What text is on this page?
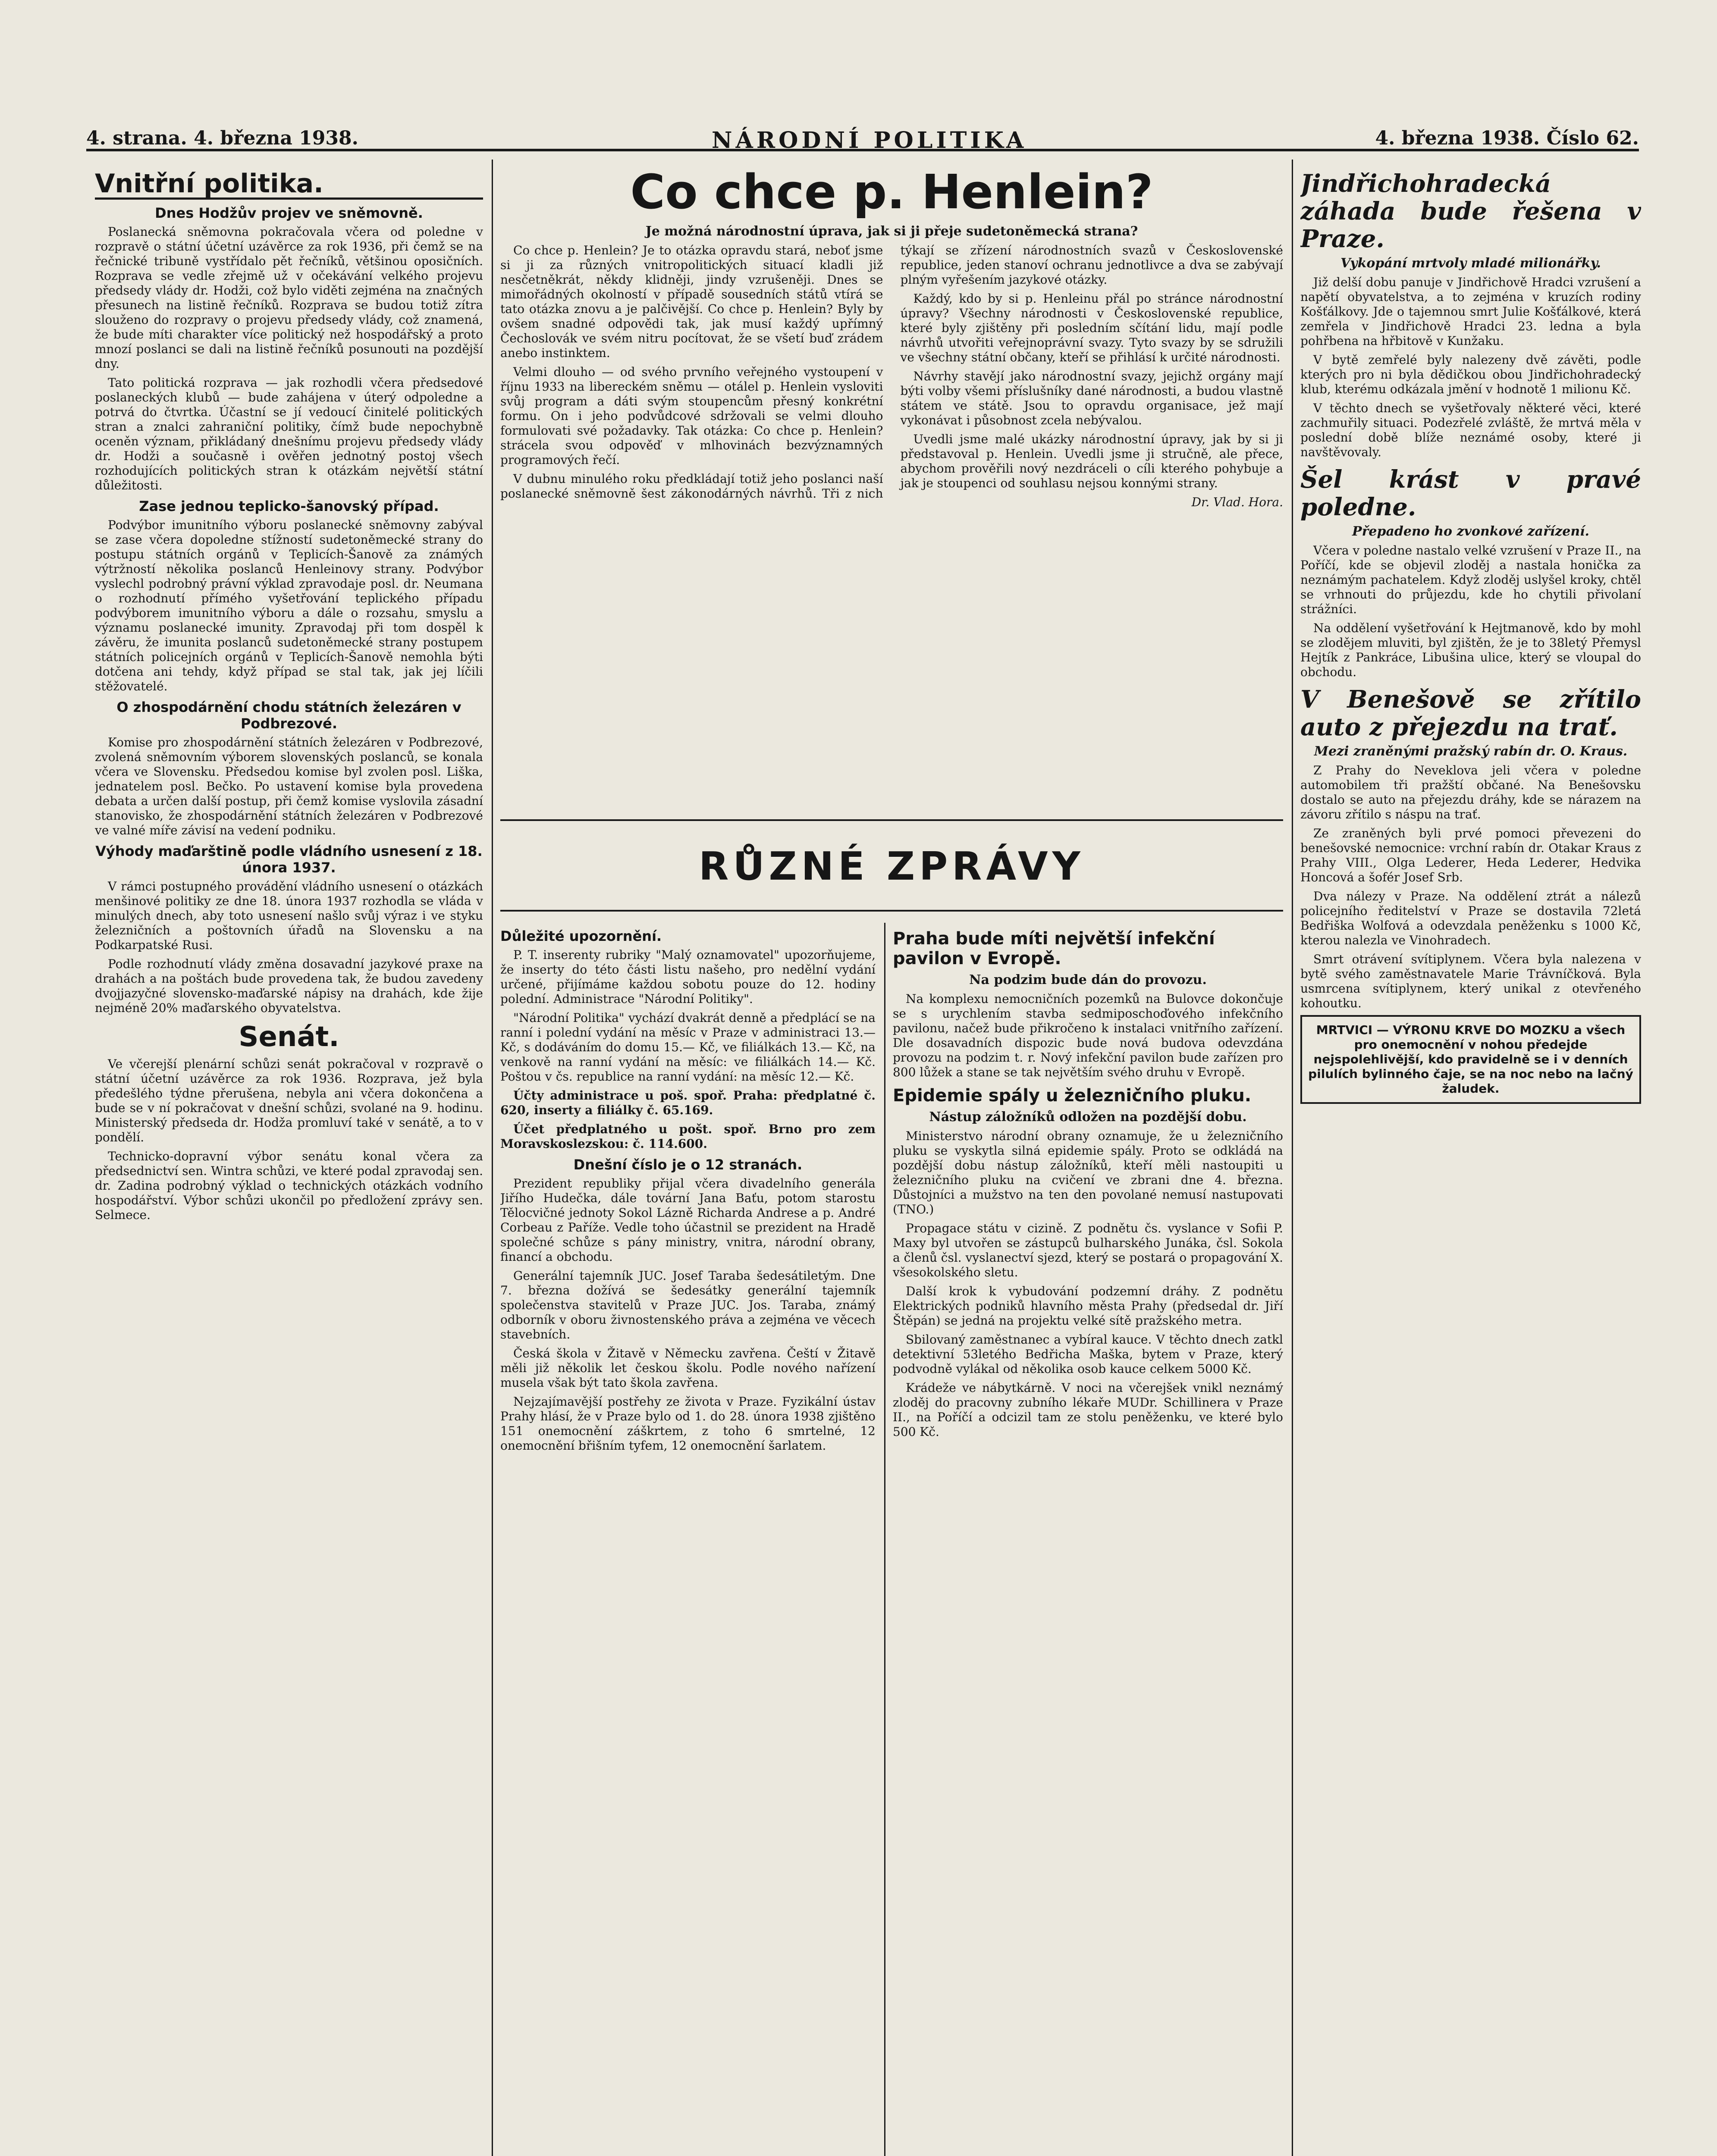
4. strana. 4. března 1938.	NÁRODNÍ POLITIKA	4. března 1938. Číslo 62.
Vnitřní politika.
Dnes Hodžův projev ve sněmovně.

Poslanecká sněmovna pokračovala včera od poledne v rozpravě o státní účetní uzávěrce za rok 1936, při čemž se na řečnické tribuně vystřídalo pět řečníků, většinou oposičních. Rozprava se vedle zřejmě už v očekávání velkého projevu předsedy vlády dr. Hodži, což bylo viděti zejména na značných přesunech na listině řečníků. Rozprava se budou totiž zítra slouženo do rozpravy o projevu předsedy vlády, což znamená, že bude míti charakter více politický než hospodářský a proto mnozí poslanci se dali na listině řečníků posunouti na pozdější dny.

Tato politická rozprava — jak rozhodli včera předsedové poslaneckých klubů — bude zahájena v úterý odpoledne a potrvá do čtvrtka. Účastní se jí vedoucí činitelé politických stran a znalci zahraniční politiky, čímž bude nepochybně oceněn význam, přikládaný dnešnímu projevu předsedy vlády dr. Hodži a současně i ověřen jednotný postoj všech rozhodujících politických stran k otázkám největší státní důležitosti.

Zase jednou teplicko-šanovský případ.

Podvýbor imunitního výboru poslanecké sněmovny zabýval se zase včera dopoledne stížností sudetoněmecké strany do postupu státních orgánů v Teplicích-Šanově za známých výtržností několika poslanců Henleinovy strany. Podvýbor vyslechl podrobný právní výklad zpravodaje posl. dr. Neumana o rozhodnutí přímého vyšetřování teplického případu podvýborem imunitního výboru a dále o rozsahu, smyslu a významu poslanecké imunity. Zpravodaj při tom dospěl k závěru, že imunita poslanců sudetoněmecké strany postupem státních policejních orgánů v Teplicích-Šanově nemohla býti dotčena ani tehdy, když případ se stal tak, jak jej líčili stěžovatelé.

O zhospodárnění chodu státních železáren v Podbrezové.

Komise pro zhospodárnění státních železáren v Podbrezové, zvolená sněmovním výborem slovenských poslanců, se konala včera ve Slovensku. Předsedou komise byl zvolen posl. Liška, jednatelem posl. Bečko. Po ustavení komise byla provedena debata a určen další postup, při čemž komise vyslovila zásadní stanovisko, že zhospodárnění státních železáren v Podbrezové ve valné míře závisí na vedení podniku.

Výhody maďarštině podle vládního usnesení z 18. února 1937.

V rámci postupného provádění vládního usnesení o otázkách menšinové politiky ze dne 18. února 1937 rozhodla se vláda v minulých dnech, aby toto usnesení našlo svůj výraz i ve styku železničních a poštovních úřadů na Slovensku a na Podkarpatské Rusi.

Podle rozhodnutí vlády změna dosavadní jazykové praxe na drahách a na poštách bude provedena tak, že budou zavedeny dvojjazyčné slovensko-maďarské nápisy na drahách, kde žije nejméně 20% maďarského obyvatelstva.

Senát.

Ve včerejší plenární schůzi senát pokračoval v rozpravě o státní účetní uzávěrce za rok 1936. Rozprava, jež byla předešlého týdne přerušena, nebyla ani včera dokončena a bude se v ní pokračovat v dnešní schůzi, svolané na 9. hodinu. Ministerský předseda dr. Hodža promluví také v senátě, a to v pondělí.

Technicko-dopravní výbor senátu konal včera za předsednictví sen. Wintra schůzi, ve které podal zpravodaj sen. dr. Zadina podrobný výklad o technických otázkách vodního hospodářství. Výbor schůzi ukončil po předložení zprávy sen. Selmece.

Co chce p. Henlein?
Je možná národnostní úprava, jak si ji přeje sudetoněmecká strana?

Co chce p. Henlein? Je to otázka opravdu stará, neboť jsme si ji za různých vnitropolitických situací kladli již nesčetněkrát, někdy klidněji, jindy vzrušeněji. Dnes se mimořádných okolností v případě sousedních států vtírá se tato otázka znovu a je palčivější. Co chce p. Henlein? Byly by ovšem snadné odpovědi tak, jak musí každý upřímný Čechoslovák ve svém nitru pocítovat, že se všetí buď zrádem anebo instinktem.

Velmi dlouho — od svého prvního veřejného vystoupení v říjnu 1933 na libereckém sněmu — otálel p. Henlein vysloviti svůj program a dáti svým stoupencům přesný konkrétní formu. On i jeho podvůdcové sdržovali se velmi dlouho formulovati své požadavky. Tak otázka: Co chce p. Henlein? strácela svou odpověď v mlhovinách bezvýznamných programových řečí.

V dubnu minulého roku předkládají totiž jeho poslanci naší poslanecké sněmovně šest zákonodárných návrhů. Tři z nich týkají se zřízení národnostních svazů v Československé republice, jeden stanoví ochranu jednotlivce a dva se zabývají plným vyřešením jazykové otázky.

Každý, kdo by si p. Henleinu přál po stránce národnostní úpravy? Všechny národnosti v Československé republice, které byly zjištěny při posledním sčítání lidu, mají podle návrhů utvořiti veřejnoprávní svazy. Tyto svazy by se sdružili ve všechny státní občany, kteří se přihlásí k určité národnosti.

Návrhy stavějí jako národnostní svazy, jejichž orgány mají býti volby všemi příslušníky dané národnosti, a budou vlastně státem ve státě. Jsou to opravdu organisace, jež mají vykonávat i působnost zcela nebývalou.

Uvedli jsme malé ukázky národnostní úpravy, jak by si ji představoval p. Henlein. Uvedli jsme ji stručně, ale přece, abychom prověřili nový nezdráceli o cíli kterého pohybuje a jak je stoupenci od souhlasu nejsou konnými strany.

Dr. Vlad. Hora.

RŮZNÉ ZPRÁVY
Důležité upozornění.

P. T. inserenty rubriky "Malý oznamovatel" upozorňujeme, že inserty do této části listu našeho, pro nedělní vydání určené, přijímáme každou sobotu pouze do 12. hodiny polední. Administrace "Národní Politiky".

"Národní Politika" vychází dvakrát denně a předplácí se na ranní i polední vydání na měsíc v Praze v administraci 13.— Kč, s dodáváním do domu 15.— Kč, ve filiálkách 13.— Kč, na venkově na ranní vydání na měsíc: ve filiálkách 14.— Kč. Poštou v čs. republice na ranní vydání: na měsíc 12.— Kč.

Účty administrace u poš. spoř. Praha: předplatné č. 620, inserty a filiálky č. 65.169.

Účet předplatného u pošt. spoř. Brno pro zem Moravskoslezskou: č. 114.600.

Dnešní číslo je o 12 stranách.

Prezident republiky přijal včera divadelního generála Jiřího Hudečka, dále tovární Jana Baťu, potom starostu Tělocvičné jednoty Sokol Lázně Richarda Andrese a p. André Corbeau z Paříže. Vedle toho účastnil se prezident na Hradě společné schůze s pány ministry, vnitra, národní obrany, financí a obchodu.

Generální tajemník JUC. Josef Taraba šedesátiletým. Dne 7. března dožívá se šedesátky generální tajemník společenstva stavitelů v Praze JUC. Jos. Taraba, známý odborník v oboru živnostenského práva a zejména ve věcech stavebních.

Česká škola v Žitavě v Německu zavřena. Čeští v Žitavě měli již několik let českou školu. Podle nového nařízení musela však být tato škola zavřena.

Nejzajímavější postřehy ze života v Praze. Fyzikální ústav Prahy hlásí, že v Praze bylo od 1. do 28. února 1938 zjištěno 151 onemocnění záškrtem, z toho 6 smrtelné, 12 onemocnění břišním tyfem, 12 onemocnění šarlatem.

Praha bude míti největší infekční pavilon v Evropě.
Na podzim bude dán do provozu.

Na komplexu nemocničních pozemků na Bulovce dokončuje se s urychlením stavba sedmiposchoďového infekčního pavilonu, načež bude přikročeno k instalaci vnitřního zařízení. Dle dosavadních dispozic bude nová budova odevzdána provozu na podzim t. r. Nový infekční pavilon bude zařízen pro 800 lůžek a stane se tak největším svého druhu v Evropě.

Epidemie spály u železničního pluku.
Nástup záložníků odložen na pozdější dobu.

Ministerstvo národní obrany oznamuje, že u železničního pluku se vyskytla silná epidemie spály. Proto se odkládá na pozdější dobu nástup záložníků, kteří měli nastoupiti u železničního pluku na cvičení ve zbrani dne 4. března. Důstojníci a mužstvo na ten den povolané nemusí nastupovati (TNO.)

Propagace státu v cizině. Z podnětu čs. vyslance v Sofii P. Maxy byl utvořen se zástupců bulharského Junáka, čsl. Sokola a členů čsl. vyslanectví sjezd, který se postará o propagování X. všesokolského sletu.

Další krok k vybudování podzemní dráhy. Z podnětu Elektrických podniků hlavního města Prahy (předsedal dr. Jiří Štěpán) se jedná na projektu velké sítě pražského metra.

Sbilovaný zaměstnanec a vybíral kauce. V těchto dnech zatkl detektivní 53letého Bedřicha Maška, bytem v Praze, který podvodně vylákal od několika osob kauce celkem 5000 Kč.

Krádeže ve nábytkárně. V noci na včerejšek vnikl neznámý zloděj do pracovny zubního lékaře MUDr. Schillinera v Praze II., na Poříčí a odcizil tam ze stolu peněženku, ve které bylo 500 Kč.

Jindřichohradecká záhada bude řešena v Praze.
Vykopání mrtvoly mladé milionářky.

Již delší dobu panuje v Jindřichově Hradci vzrušení a napětí obyvatelstva, a to zejména v kruzích rodiny Košťálkovy. Jde o tajemnou smrt Julie Košťálkové, která zemřela v Jindřichově Hradci 23. ledna a byla pohřbena na hřbitově v Kunžaku.

V bytě zemřelé byly nalezeny dvě závěti, podle kterých pro ni byla dědičkou obou Jindřichohradecký klub, kterému odkázala jmění v hodnotě 1 milionu Kč.

V těchto dnech se vyšetřovaly některé věci, které zachmuřily situaci. Podezřelé zvláště, že mrtvá měla v poslední době blíže neznámé osoby, které ji navštěvovaly.

Šel krást v pravé poledne.
Přepadeno ho zvonkové zařízení.

Včera v poledne nastalo velké vzrušení v Praze II., na Poříčí, kde se objevil zloděj a nastala honička za neznámým pachatelem. Když zloděj uslyšel kroky, chtěl se vrhnouti do průjezdu, kde ho chytili přivolaní strážníci.

Na oddělení vyšetřování k Hejtmanově, kdo by mohl se zlodějem mluviti, byl zjištěn, že je to 38letý Přemysl Hejtík z Pankráce, Libušina ulice, který se vloupal do obchodu.

V Benešově se zřítilo auto z přejezdu na trať.
Mezi zraněnými pražský rabín dr. O. Kraus.

Z Prahy do Neveklova jeli včera v poledne automobilem tři pražští občané. Na Benešovsku dostalo se auto na přejezdu dráhy, kde se nárazem na závoru zřítilo s náspu na trať.

Ze zraněných byli prvé pomoci převezeni do benešovské nemocnice: vrchní rabín dr. Otakar Kraus z Prahy VIII., Olga Lederer, Heda Lederer, Hedvika Honcová a šofér Josef Srb.

Dva nálezy v Praze. Na oddělení ztrát a nálezů policejního ředitelství v Praze se dostavila 72letá Bedřiška Wolfová a odevzdala peněženku s 1000 Kč, kterou nalezla ve Vinohradech.

Smrt otrávení svítiplynem. Včera byla nalezena v bytě svého zaměstnavatele Marie Trávníčková. Byla usmrcena svítiplynem, který unikal z otevřeného kohoutku.

MRTVICI — VÝRONU KRVE DO MOZKU a všech pro onemocnění v nohou předejde nejspolehlivější, kdo pravidelně se i v denních pilulích bylinného čaje, se na noc nebo na lačný žaludek.
